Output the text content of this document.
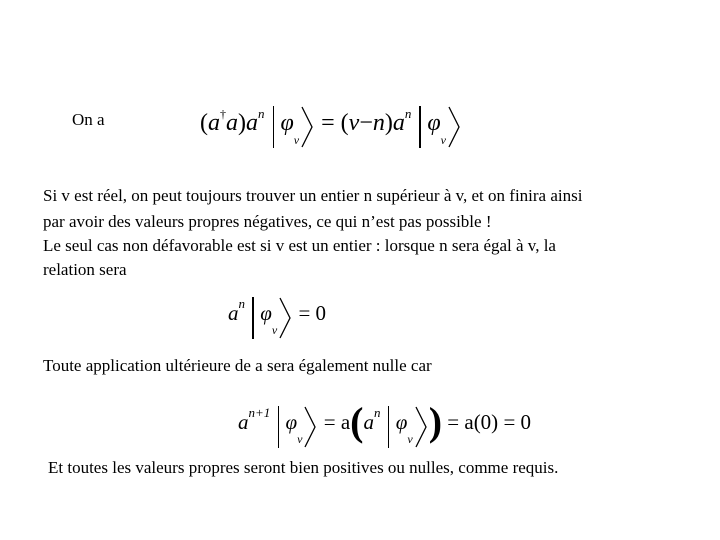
On a	$(a^\dagger a)a^n$ $\varphi_v$
= $(v-n)a^n$ $\varphi_v$
Si v est réel, on peut toujours trouver un entier n supérieur à v, et on finira ainsi
par avoir des valeurs propres négatives, ce qui n’est pas possible !
Le seul cas non défavorable est si v est un entier : lorsque n sera égal à v, la
relation sera
$a^n$ $\varphi_v$
= 0
Toute application ultérieure de a sera également nulle car
$a^{n+1}$ $\varphi_v$
= $a(a^n$ $\varphi_v$ ) = a(0) = 0
Et toutes les valeurs propres seront bien positives ou nulles, comme requis.
